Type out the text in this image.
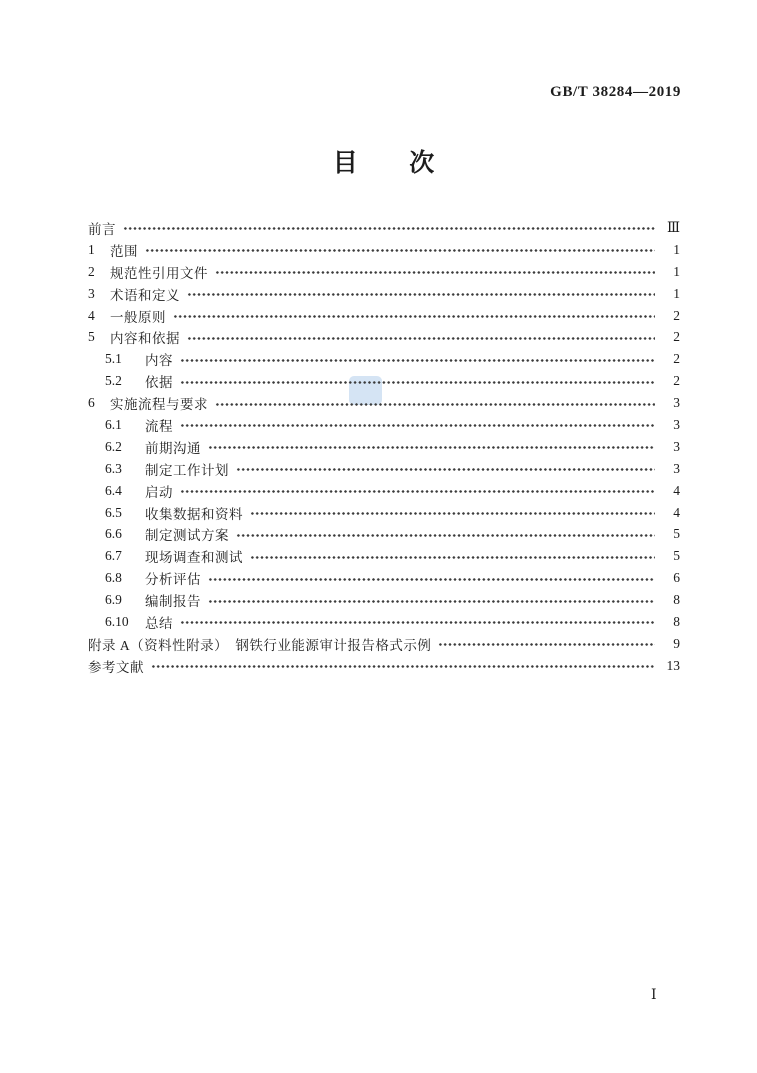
GB/T 38284—2019
目 次
前言	Ⅲ
1	范围	1
2	规范性引用文件	1
3	术语和定义	1
4	一般原则	2
5	内容和依据	2
5.1	内容	2
5.2	依据	2
6	实施流程与要求	3
6.1	流程	3
6.2	前期沟通	3
6.3	制定工作计划	3
6.4	启动	4
6.5	收集数据和资料	4
6.6	制定测试方案	5
6.7	现场调查和测试	5
6.8	分析评估	6
6.9	编制报告	8
6.10	总结	8
附录 A（资料性附录）　钢铁行业能源审计报告格式示例	9
参考文献	13
Ⅰ
